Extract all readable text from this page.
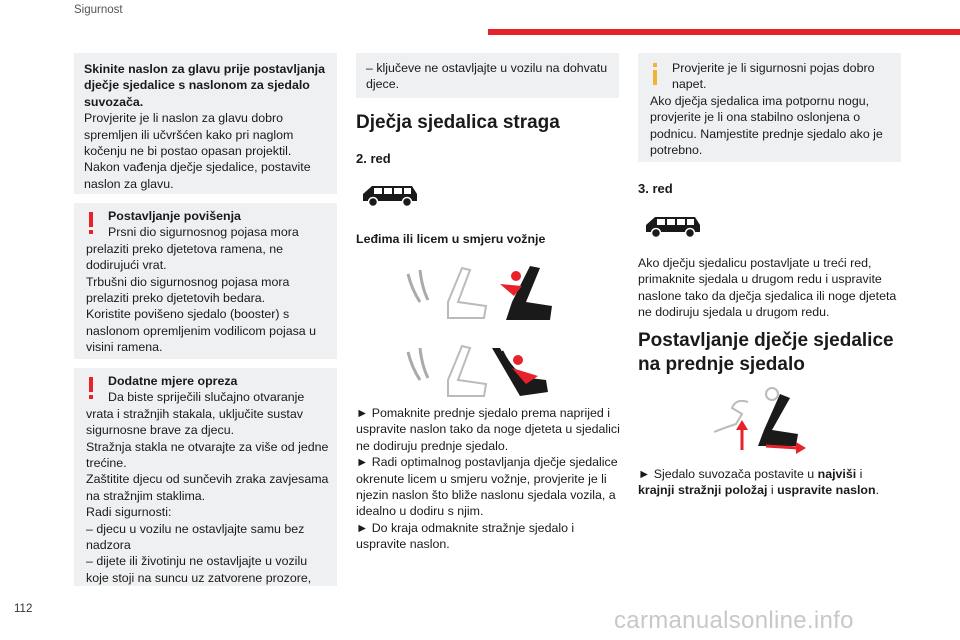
Sigurnost
112	carmanualsonline.info

Skinite naslon za glavu prije postavljanja dječje sjedalice s naslonom za sjedalo suvozača.

Provjerite je li naslon za glavu dobro spremljen ili učvršćen kako pri naglom kočenju ne bi postao opasan projektil. Nakon vađenja dječje sjedalice, postavite naslon za glavu.

Postavljanje povišenja

Prsni dio sigurnosnog pojasa mora prelaziti preko djetetova ramena, ne dodirujući vrat.

Trbušni dio sigurnosnog pojasa mora prelaziti preko djetetovih bedara.

Koristite povišeno sjedalo (booster) s naslonom opremljenim vodilicom pojasa u visini ramena.

Dodatne mjere opreza

Da biste spriječili slučajno otvaranje vrata i stražnjih stakala, uključite sustav sigurnosne brave za djecu.

Stražnja stakla ne otvarajte za više od jedne trećine.

Zaštitite djecu od sunčevih zraka zavjesama na stražnjim staklima.

Radi sigurnosti:

– djecu u vozilu ne ostavljajte samu bez nadzora

– dijete ili životinju ne ostavljajte u vozilu koje stoji na suncu uz zatvorene prozore,

– ključeve ne ostavljajte u vozilu na dohvatu djece.

Dječja sjedalica straga
2. red
Leđima ili licem u smjeru vožnje

► Pomaknite prednje sjedalo prema naprijed i uspravite naslon tako da noge djeteta u sjedalici ne dodiruju prednje sjedalo.

► Radi optimalnog postavljanja dječje sjedalice okrenute licem u smjeru vožnje, provjerite je li njezin naslon što bliže naslonu sjedala vozila, a idealno u dodiru s njim.

► Do kraja odmaknite stražnje sjedalo i uspravite naslon.

Provjerite je li sigurnosni pojas dobro napet.

Ako dječja sjedalica ima potpornu nogu, provjerite je li ona stabilno oslonjena o podnicu. Namjestite prednje sjedalo ako je potrebno.

3. red
Ako dječju sjedalicu postavljate u treći red, primaknite sjedala u drugom redu i uspravite naslone tako da dječja sjedalica ili noge djeteta ne dodiruju sjedala u drugom redu.
Postavljanje dječje sjedalice na prednje sjedalo
► Sjedalo suvozača postavite u najviši i krajnji stražnji položaj i uspravite naslon.
